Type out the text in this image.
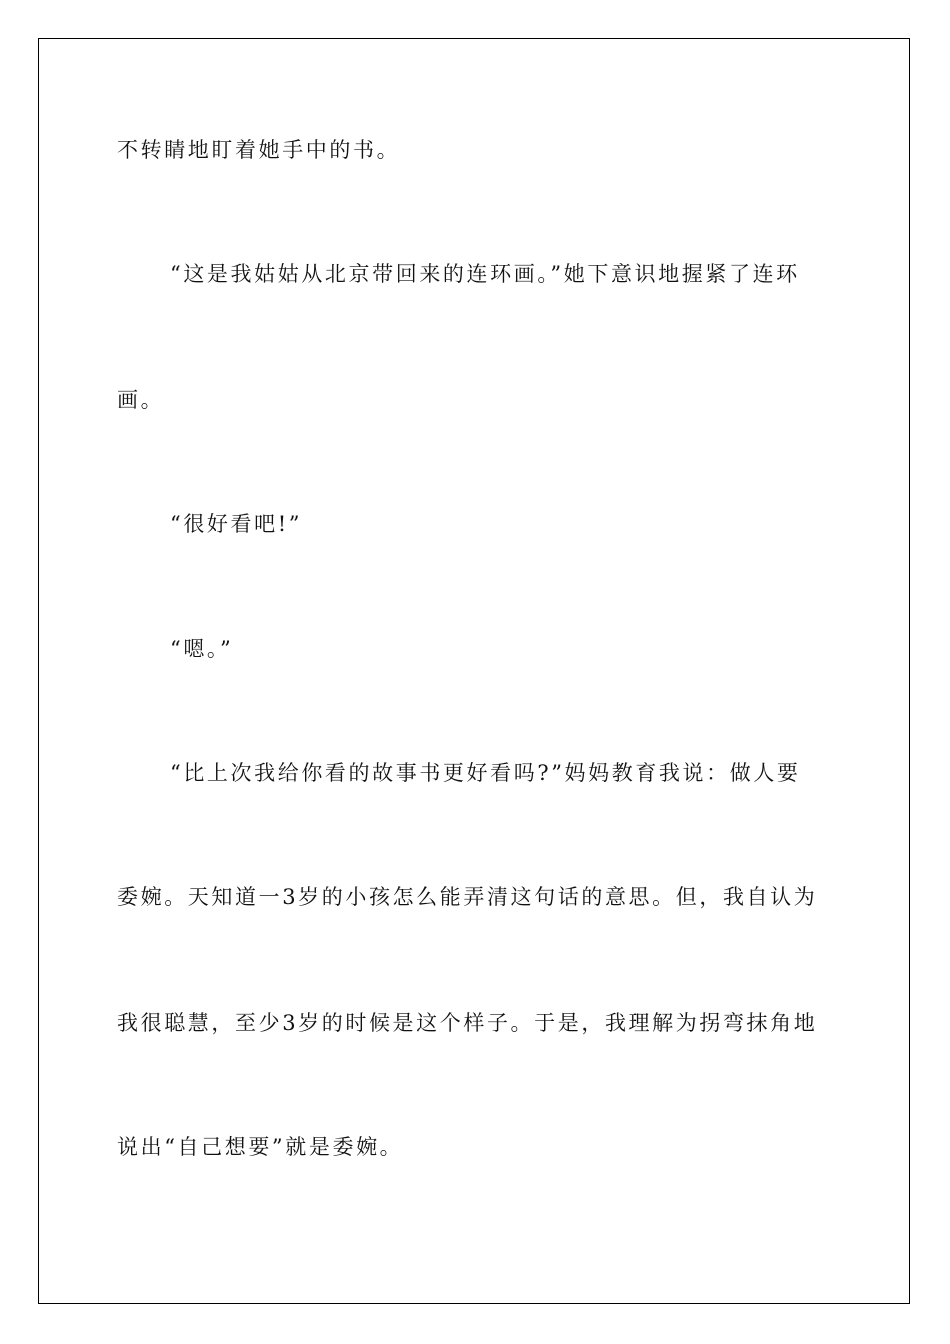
不转睛地盯着她手中的书。
“这是我姑姑从北京带回来的连环画。”她下意识地握紧了连环
画。
“很好看吧!”
“嗯。”
“比上次我给你看的故事书更好看吗?”妈妈教育我说：做人要
委婉。天知道一3岁的小孩怎么能弄清这句话的意思。但，我自认为
我很聪慧，至少3岁的时候是这个样子。于是，我理解为拐弯抹角地
说出“自己想要”就是委婉。
